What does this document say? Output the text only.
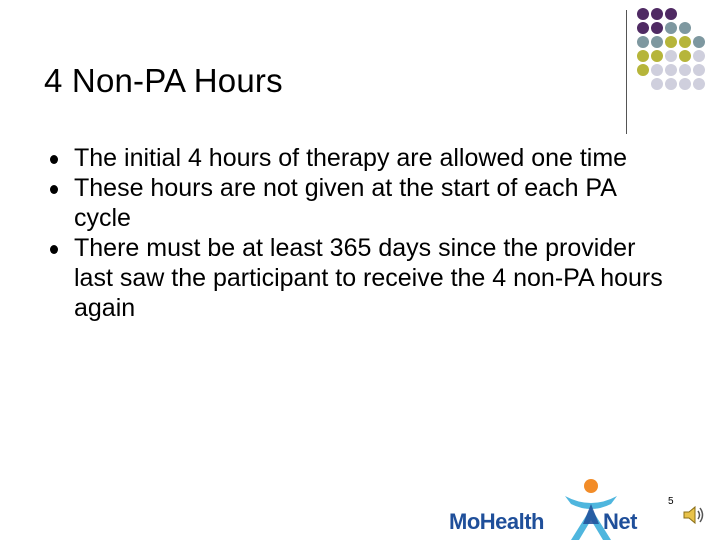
4 Non-PA Hours
The initial 4 hours of therapy are allowed one time
These hours are not given at the start of each PA cycle
There must be at least 365 days since the provider last saw the participant to receive the 4 non-PA hours again
MoHealth	Net
5
